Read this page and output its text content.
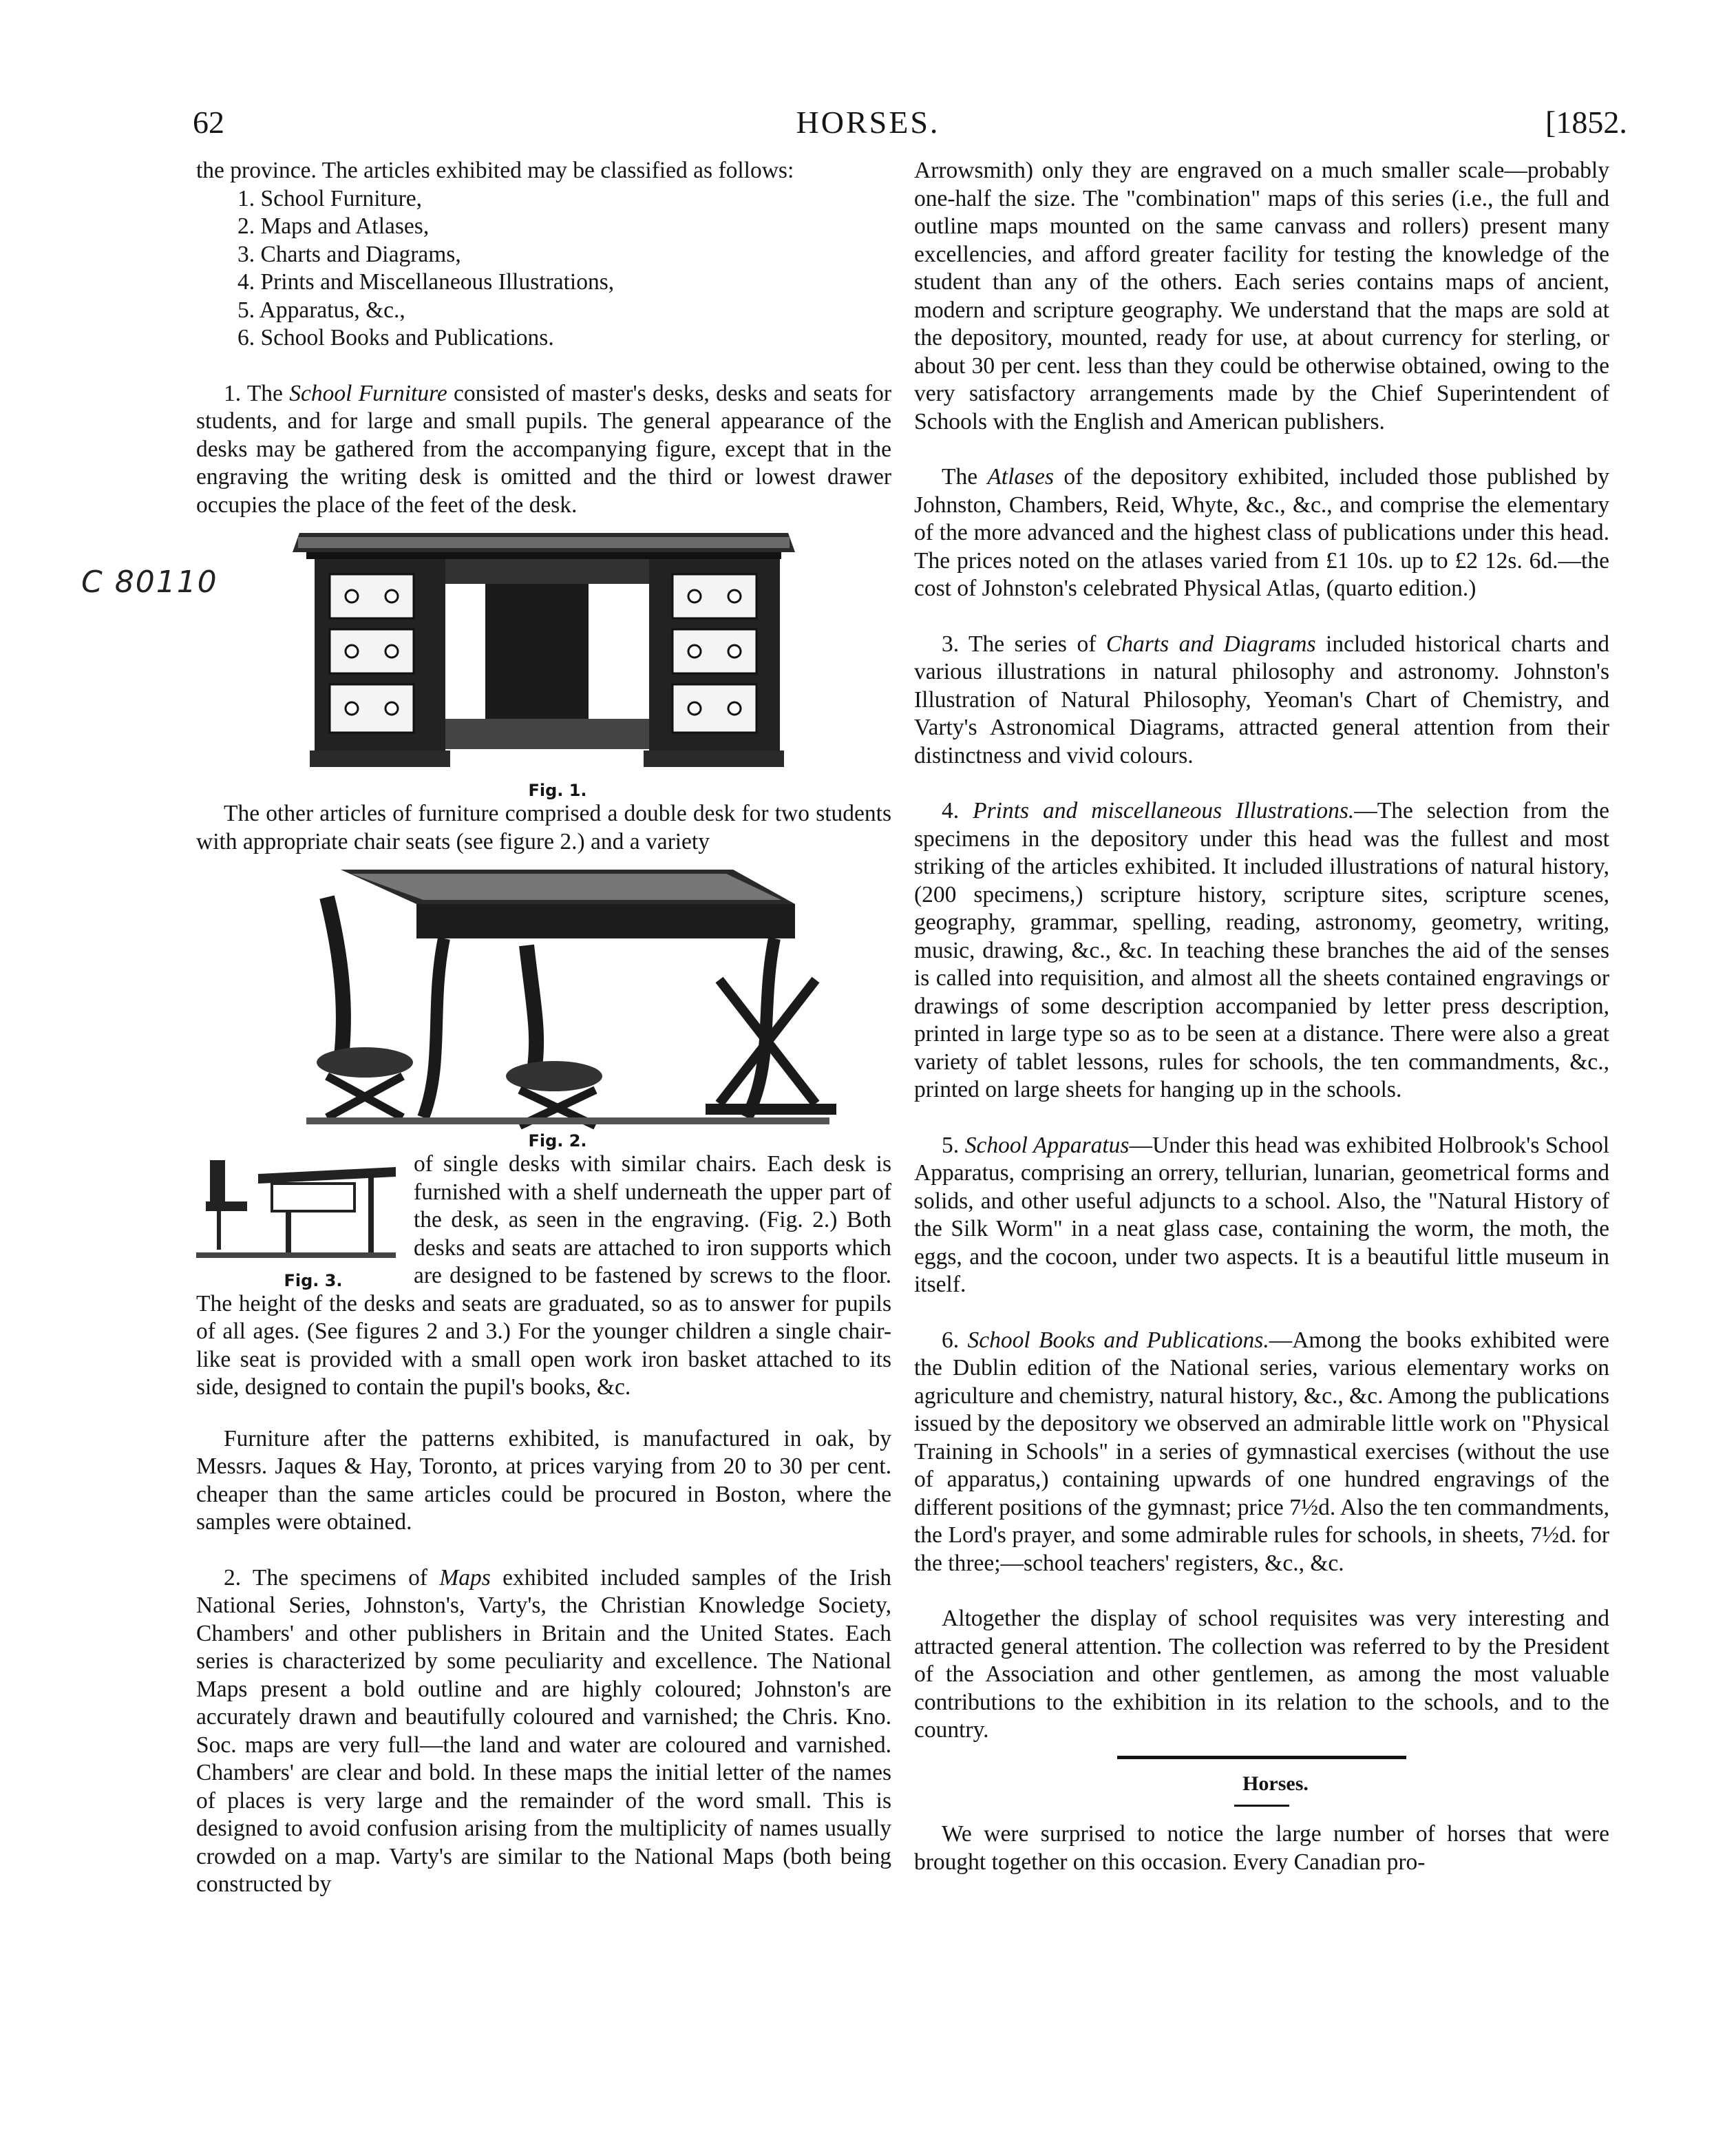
62	HORSES.	[1852.
C 80110

the province. The articles exhibited may be classified as follows:

1. School Furniture,
2. Maps and Atlases,
3. Charts and Diagrams,
4. Prints and Miscellaneous Illustrations,
5. Apparatus, &c.,
6. School Books and Publications.

1. The School Furniture consisted of master's desks, desks and seats for students, and for large and small pupils. The general appearance of the desks may be gathered from the accompanying figure, except that in the engraving the writing desk is omitted and the third or lowest drawer occupies the place of the feet of the desk.

Fig. 1.

The other articles of furniture comprised a double desk for two students with appropriate chair seats (see figure 2.) and a variety

Fig. 2.

Fig. 3.

of single desks with similar chairs. Each desk is furnished with a shelf underneath the upper part of the desk, as seen in the engraving. (Fig. 2.) Both desks and seats are attached to iron supports which are designed to be fastened by screws to the floor. The height of the desks and seats are graduated, so as to answer for pupils of all ages. (See figures 2 and 3.) For the younger children a single chair-like seat is provided with a small open work iron basket attached to its side, designed to contain the pupil's books, &c.

Furniture after the patterns exhibited, is manufactured in oak, by Messrs. Jaques & Hay, Toronto, at prices varying from 20 to 30 per cent. cheaper than the same articles could be procured in Boston, where the samples were obtained.

2. The specimens of Maps exhibited included samples of the Irish National Series, Johnston's, Varty's, the Christian Knowledge Society, Chambers' and other publishers in Britain and the United States. Each series is characterized by some peculiarity and excellence. The National Maps present a bold outline and are highly coloured; Johnston's are accurately drawn and beautifully coloured and varnished; the Chris. Kno. Soc. maps are very full—the land and water are coloured and varnished. Chambers' are clear and bold. In these maps the initial letter of the names of places is very large and the remainder of the word small. This is designed to avoid confusion arising from the multiplicity of names usually crowded on a map. Varty's are similar to the National Maps (both being constructed by

Arrowsmith) only they are engraved on a much smaller scale—probably one-half the size. The "combination" maps of this series (i.e., the full and outline maps mounted on the same canvass and rollers) present many excellencies, and afford greater facility for testing the knowledge of the student than any of the others. Each series contains maps of ancient, modern and scripture geography. We understand that the maps are sold at the depository, mounted, ready for use, at about currency for sterling, or about 30 per cent. less than they could be otherwise obtained, owing to the very satisfactory arrangements made by the Chief Superintendent of Schools with the English and American publishers.

The Atlases of the depository exhibited, included those published by Johnston, Chambers, Reid, Whyte, &c., &c., and comprise the elementary of the more advanced and the highest class of publications under this head. The prices noted on the atlases varied from £1 10s. up to £2 12s. 6d.—the cost of Johnston's celebrated Physical Atlas, (quarto edition.)

3. The series of Charts and Diagrams included historical charts and various illustrations in natural philosophy and astronomy. Johnston's Illustration of Natural Philosophy, Yeoman's Chart of Chemistry, and Varty's Astronomical Diagrams, attracted general attention from their distinctness and vivid colours.

4. Prints and miscellaneous Illustrations.—The selection from the specimens in the depository under this head was the fullest and most striking of the articles exhibited. It included illustrations of natural history, (200 specimens,) scripture history, scripture sites, scripture scenes, geography, grammar, spelling, reading, astronomy, geometry, writing, music, drawing, &c., &c. In teaching these branches the aid of the senses is called into requisition, and almost all the sheets contained engravings or drawings of some description accompanied by letter press description, printed in large type so as to be seen at a distance. There were also a great variety of tablet lessons, rules for schools, the ten commandments, &c., printed on large sheets for hanging up in the schools.

5. School Apparatus—Under this head was exhibited Holbrook's School Apparatus, comprising an orrery, tellurian, lunarian, geometrical forms and solids, and other useful adjuncts to a school. Also, the "Natural History of the Silk Worm" in a neat glass case, containing the worm, the moth, the eggs, and the cocoon, under two aspects. It is a beautiful little museum in itself.

6. School Books and Publications.—Among the books exhibited were the Dublin edition of the National series, various elementary works on agriculture and chemistry, natural history, &c., &c. Among the publications issued by the depository we observed an admirable little work on "Physical Training in Schools" in a series of gymnastical exercises (without the use of apparatus,) containing upwards of one hundred engravings of the different positions of the gymnast; price 7½d. Also the ten commandments, the Lord's prayer, and some admirable rules for schools, in sheets, 7½d. for the three;—school teachers' registers, &c., &c.

Altogether the display of school requisites was very interesting and attracted general attention. The collection was referred to by the President of the Association and other gentlemen, as among the most valuable contributions to the exhibition in its relation to the schools, and to the country.

Horses.

We were surprised to notice the large number of horses that were brought together on this occasion. Every Canadian pro-
